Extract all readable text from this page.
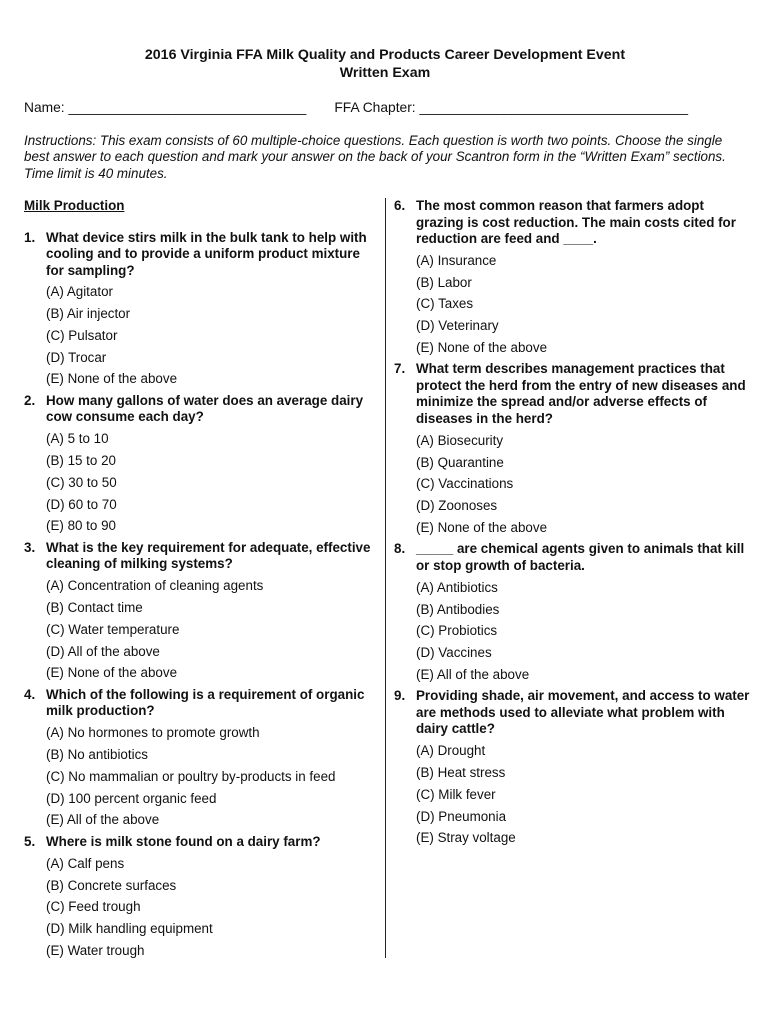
2016 Virginia FFA Milk Quality and Products Career Development Event
Written Exam
Name: _______________________________ FFA Chapter: ___________________________________
Instructions: This exam consists of 60 multiple-choice questions. Each question is worth two points. Choose the single best answer to each question and mark your answer on the back of your Scantron form in the “Written Exam” sections. Time limit is 40 minutes.
Milk Production
1. What device stirs milk in the bulk tank to help with cooling and to provide a uniform product mixture for sampling?
(A) Agitator
(B) Air injector
(C) Pulsator
(D) Trocar
(E) None of the above
2. How many gallons of water does an average dairy cow consume each day?
(A) 5 to 10
(B) 15 to 20
(C) 30 to 50
(D) 60 to 70
(E) 80 to 90
3. What is the key requirement for adequate, effective cleaning of milking systems?
(A) Concentration of cleaning agents
(B) Contact time
(C) Water temperature
(D) All of the above
(E) None of the above
4. Which of the following is a requirement of organic milk production?
(A) No hormones to promote growth
(B) No antibiotics
(C) No mammalian or poultry by-products in feed
(D) 100 percent organic feed
(E) All of the above
5. Where is milk stone found on a dairy farm?
(A) Calf pens
(B) Concrete surfaces
(C) Feed trough
(D) Milk handling equipment
(E) Water trough
6. The most common reason that farmers adopt grazing is cost reduction. The main costs cited for reduction are feed and ____.
(A) Insurance
(B) Labor
(C) Taxes
(D) Veterinary
(E) None of the above
7. What term describes management practices that protect the herd from the entry of new diseases and minimize the spread and/or adverse effects of diseases in the herd?
(A) Biosecurity
(B) Quarantine
(C) Vaccinations
(D) Zoonoses
(E) None of the above
8. _____ are chemical agents given to animals that kill or stop growth of bacteria.
(A) Antibiotics
(B) Antibodies
(C) Probiotics
(D) Vaccines
(E) All of the above
9. Providing shade, air movement, and access to water are methods used to alleviate what problem with dairy cattle?
(A) Drought
(B) Heat stress
(C) Milk fever
(D) Pneumonia
(E) Stray voltage
